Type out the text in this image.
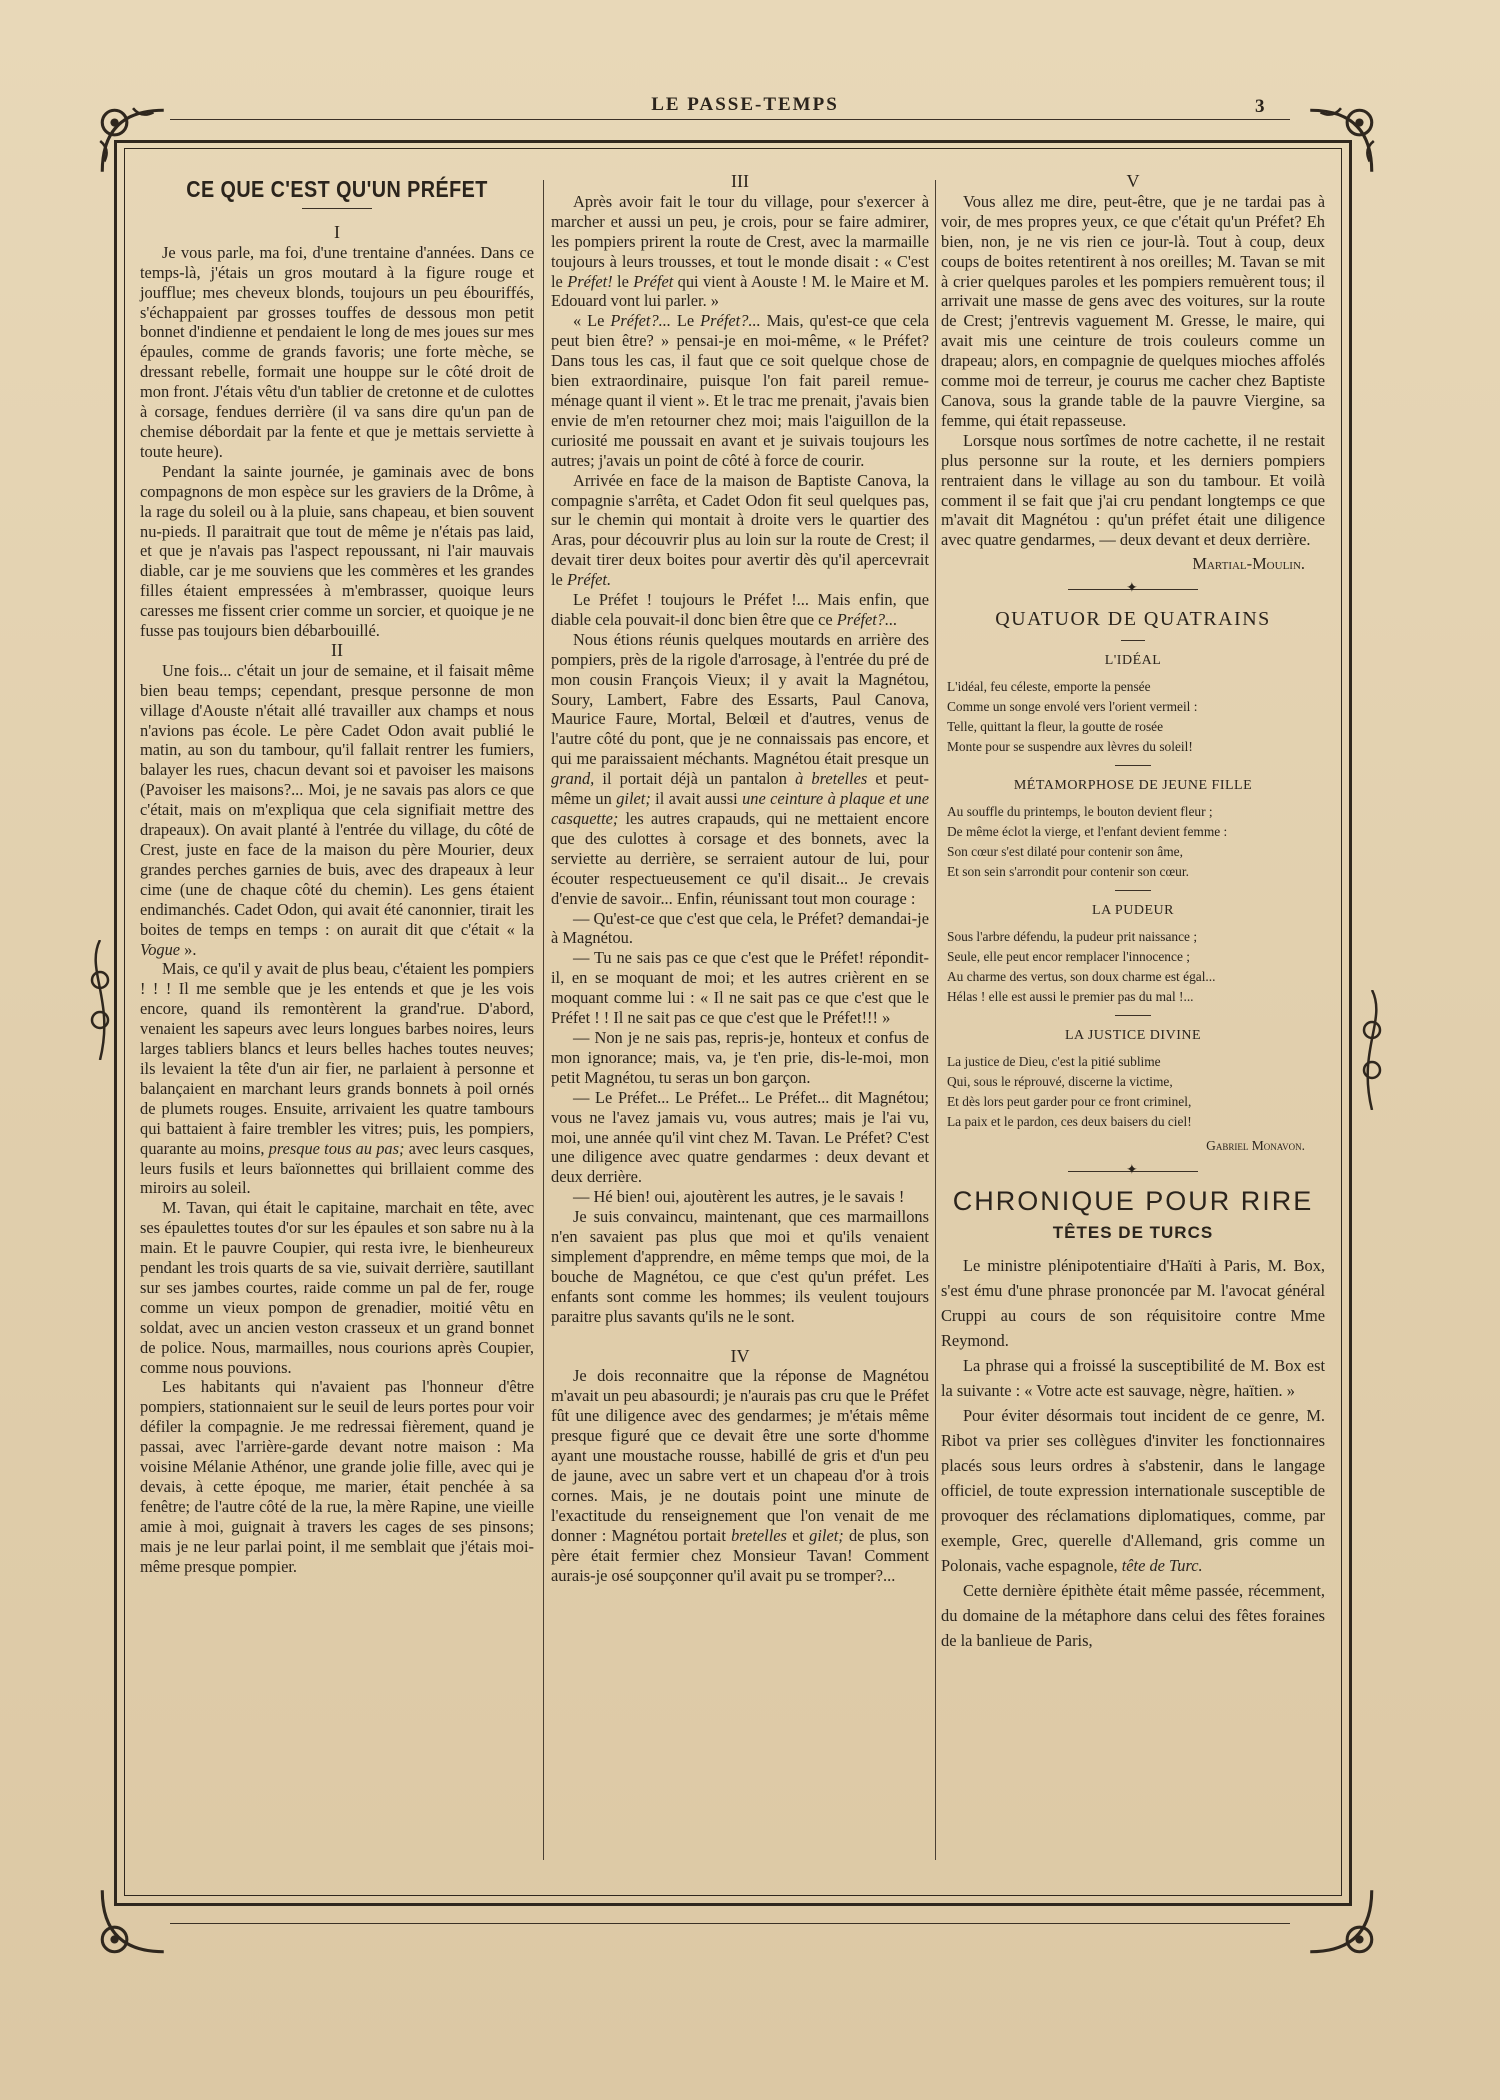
LE PASSE-TEMPS	3
CE QUE C'EST QU'UN PRÉFET

I

Je vous parle, ma foi, d'une trentaine d'années. Dans ce temps-là, j'étais un gros moutard à la figure rouge et joufflue; mes cheveux blonds, toujours un peu ébouriffés, s'échappaient par grosses touffes de dessous mon petit bonnet d'indienne et pendaient le long de mes joues sur mes épaules, comme de grands favoris; une forte mèche, se dressant rebelle, formait une houppe sur le côté droit de mon front. J'étais vêtu d'un tablier de cretonne et de culottes à corsage, fendues derrière (il va sans dire qu'un pan de chemise débordait par la fente et que je mettais serviette à toute heure).

Pendant la sainte journée, je gaminais avec de bons compagnons de mon espèce sur les graviers de la Drôme, à la rage du soleil ou à la pluie, sans chapeau, et bien souvent nu-pieds. Il paraitrait que tout de même je n'étais pas laid, et que je n'avais pas l'aspect repoussant, ni l'air mauvais diable, car je me souviens que les commères et les grandes filles étaient empressées à m'embrasser, quoique leurs caresses me fissent crier comme un sorcier, et quoique je ne fusse pas toujours bien débarbouillé.

II

Une fois... c'était un jour de semaine, et il faisait même bien beau temps; cependant, presque personne de mon village d'Aouste n'était allé travailler aux champs et nous n'avions pas école. Le père Cadet Odon avait publié le matin, au son du tambour, qu'il fallait rentrer les fumiers, balayer les rues, chacun devant soi et pavoiser les maisons (Pavoiser les maisons?... Moi, je ne savais pas alors ce que c'était, mais on m'expliqua que cela signifiait mettre des drapeaux). On avait planté à l'entrée du village, du côté de Crest, juste en face de la maison du père Mourier, deux grandes perches garnies de buis, avec des drapeaux à leur cime (une de chaque côté du chemin). Les gens étaient endimanchés. Cadet Odon, qui avait été canonnier, tirait les boites de temps en temps : on aurait dit que c'était « la Vogue ».

Mais, ce qu'il y avait de plus beau, c'étaient les pompiers ! ! ! Il me semble que je les entends et que je les vois encore, quand ils remontèrent la grand'rue. D'abord, venaient les sapeurs avec leurs longues barbes noires, leurs larges tabliers blancs et leurs belles haches toutes neuves; ils levaient la tête d'un air fier, ne parlaient à personne et balançaient en marchant leurs grands bonnets à poil ornés de plumets rouges. Ensuite, arrivaient les quatre tambours qui battaient à faire trembler les vitres; puis, les pompiers, quarante au moins, presque tous au pas; avec leurs casques, leurs fusils et leurs baïonnettes qui brillaient comme des miroirs au soleil.

M. Tavan, qui était le capitaine, marchait en tête, avec ses épaulettes toutes d'or sur les épaules et son sabre nu à la main. Et le pauvre Coupier, qui resta ivre, le bienheureux pendant les trois quarts de sa vie, suivait derrière, sautillant sur ses jambes courtes, raide comme un pal de fer, rouge comme un vieux pompon de grenadier, moitié vêtu en soldat, avec un ancien veston crasseux et un grand bonnet de police. Nous, marmailles, nous courions après Coupier, comme nous pouvions.

Les habitants qui n'avaient pas l'honneur d'être pompiers, stationnaient sur le seuil de leurs portes pour voir défiler la compagnie. Je me redressai fièrement, quand je passai, avec l'arrière-garde devant notre maison : Ma voisine Mélanie Athénor, une grande jolie fille, avec qui je devais, à cette époque, me marier, était penchée à sa fenêtre; de l'autre côté de la rue, la mère Rapine, une vieille amie à moi, guignait à travers les cages de ses pinsons; mais je ne leur parlai point, il me semblait que j'étais moi-même presque pompier.

III

Après avoir fait le tour du village, pour s'exercer à marcher et aussi un peu, je crois, pour se faire admirer, les pompiers prirent la route de Crest, avec la marmaille toujours à leurs trousses, et tout le monde disait : « C'est le Préfet! le Préfet qui vient à Aouste ! M. le Maire et M. Edouard vont lui parler. »

« Le Préfet?... Le Préfet?... Mais, qu'est-ce que cela peut bien être? » pensai-je en moi-même, « le Préfet? Dans tous les cas, il faut que ce soit quelque chose de bien extraordinaire, puisque l'on fait pareil remue-ménage quant il vient ». Et le trac me prenait, j'avais bien envie de m'en retourner chez moi; mais l'aiguillon de la curiosité me poussait en avant et je suivais toujours les autres; j'avais un point de côté à force de courir.

Arrivée en face de la maison de Baptiste Canova, la compagnie s'arrêta, et Cadet Odon fit seul quelques pas, sur le chemin qui montait à droite vers le quartier des Aras, pour découvrir plus au loin sur la route de Crest; il devait tirer deux boites pour avertir dès qu'il apercevrait le Préfet.

Le Préfet ! toujours le Préfet !... Mais enfin, que diable cela pouvait-il donc bien être que ce Préfet?...

Nous étions réunis quelques moutards en arrière des pompiers, près de la rigole d'arrosage, à l'entrée du pré de mon cousin François Vieux; il y avait la Magnétou, Soury, Lambert, Fabre des Essarts, Paul Canova, Maurice Faure, Mortal, Belœil et d'autres, venus de l'autre côté du pont, que je ne connaissais pas encore, et qui me paraissaient méchants. Magnétou était presque un grand, il portait déjà un pantalon à bretelles et peut-même un gilet; il avait aussi une ceinture à plaque et une casquette; les autres crapauds, qui ne mettaient encore que des culottes à corsage et des bonnets, avec la serviette au derrière, se serraient autour de lui, pour écouter respectueusement ce qu'il disait... Je crevais d'envie de savoir... Enfin, réunissant tout mon courage :

— Qu'est-ce que c'est que cela, le Préfet? demandai-je à Magnétou.

— Tu ne sais pas ce que c'est que le Préfet! répondit-il, en se moquant de moi; et les autres crièrent en se moquant comme lui : « Il ne sait pas ce que c'est que le Préfet ! ! Il ne sait pas ce que c'est que le Préfet!!! »

— Non je ne sais pas, repris-je, honteux et confus de mon ignorance; mais, va, je t'en prie, dis-le-moi, mon petit Magnétou, tu seras un bon garçon.

— Le Préfet... Le Préfet... Le Préfet... dit Magnétou; vous ne l'avez jamais vu, vous autres; mais je l'ai vu, moi, une année qu'il vint chez M. Tavan. Le Préfet? C'est une diligence avec quatre gendarmes : deux devant et deux derrière.

— Hé bien! oui, ajoutèrent les autres, je le savais !

Je suis convaincu, maintenant, que ces marmaillons n'en savaient pas plus que moi et qu'ils venaient simplement d'apprendre, en même temps que moi, de la bouche de Magnétou, ce que c'est qu'un préfet. Les enfants sont comme les hommes; ils veulent toujours paraitre plus savants qu'ils ne le sont.

IV

Je dois reconnaitre que la réponse de Magnétou m'avait un peu abasourdi; je n'aurais pas cru que le Préfet fût une diligence avec des gendarmes; je m'étais même presque figuré que ce devait être une sorte d'homme ayant une moustache rousse, habillé de gris et d'un peu de jaune, avec un sabre vert et un chapeau d'or à trois cornes. Mais, je ne doutais point une minute de l'exactitude du renseignement que l'on venait de me donner : Magnétou portait bretelles et gilet; de plus, son père était fermier chez Monsieur Tavan! Comment aurais-je osé soupçonner qu'il avait pu se tromper?...

V

Vous allez me dire, peut-être, que je ne tardai pas à voir, de mes propres yeux, ce que c'était qu'un Préfet? Eh bien, non, je ne vis rien ce jour-là. Tout à coup, deux coups de boites retentirent à nos oreilles; M. Tavan se mit à crier quelques paroles et les pompiers remuèrent tous; il arrivait une masse de gens avec des voitures, sur la route de Crest; j'entrevis vaguement M. Gresse, le maire, qui avait mis une ceinture de trois couleurs comme un drapeau; alors, en compagnie de quelques mioches affolés comme moi de terreur, je courus me cacher chez Baptiste Canova, sous la grande table de la pauvre Viergine, sa femme, qui était repasseuse.

Lorsque nous sortîmes de notre cachette, il ne restait plus personne sur la route, et les derniers pompiers rentraient dans le village au son du tambour. Et voilà comment il se fait que j'ai cru pendant longtemps ce que m'avait dit Magnétou : qu'un préfet était une diligence avec quatre gendarmes, — deux devant et deux derrière.

Martial-Moulin.
✦
QUATUOR DE QUATRAINS
L'IDÉAL
L'idéal, feu céleste, emporte la pensée
Comme un songe envolé vers l'orient vermeil :
Telle, quittant la fleur, la goutte de rosée
Monte pour se suspendre aux lèvres du soleil!
MÉTAMORPHOSE DE JEUNE FILLE
Au souffle du printemps, le bouton devient fleur ;
De même éclot la vierge, et l'enfant devient femme :
Son cœur s'est dilaté pour contenir son âme,
Et son sein s'arrondit pour contenir son cœur.
LA PUDEUR
Sous l'arbre défendu, la pudeur prit naissance ;
Seule, elle peut encor remplacer l'innocence ;
Au charme des vertus, son doux charme est égal...
Hélas ! elle est aussi le premier pas du mal !...
LA JUSTICE DIVINE
La justice de Dieu, c'est la pitié sublime
Qui, sous le réprouvé, discerne la victime,
Et dès lors peut garder pour ce front criminel,
La paix et le pardon, ces deux baisers du ciel!
Gabriel Monavon.
✦
CHRONIQUE POUR RIRE
TÊTES DE TURCS

Le ministre plénipotentiaire d'Haïti à Paris, M. Box, s'est ému d'une phrase prononcée par M. l'avocat général Cruppi au cours de son réquisitoire contre Mme Reymond.

La phrase qui a froissé la susceptibilité de M. Box est la suivante : « Votre acte est sauvage, nègre, haïtien. »

Pour éviter désormais tout incident de ce genre, M. Ribot va prier ses collègues d'inviter les fonctionnaires placés sous leurs ordres à s'abstenir, dans le langage officiel, de toute expression internationale susceptible de provoquer des réclamations diplomatiques, comme, par exemple, Grec, querelle d'Allemand, gris comme un Polonais, vache espagnole, tête de Turc.

Cette dernière épithète était même passée, récemment, du domaine de la métaphore dans celui des fêtes foraines de la banlieue de Paris,
